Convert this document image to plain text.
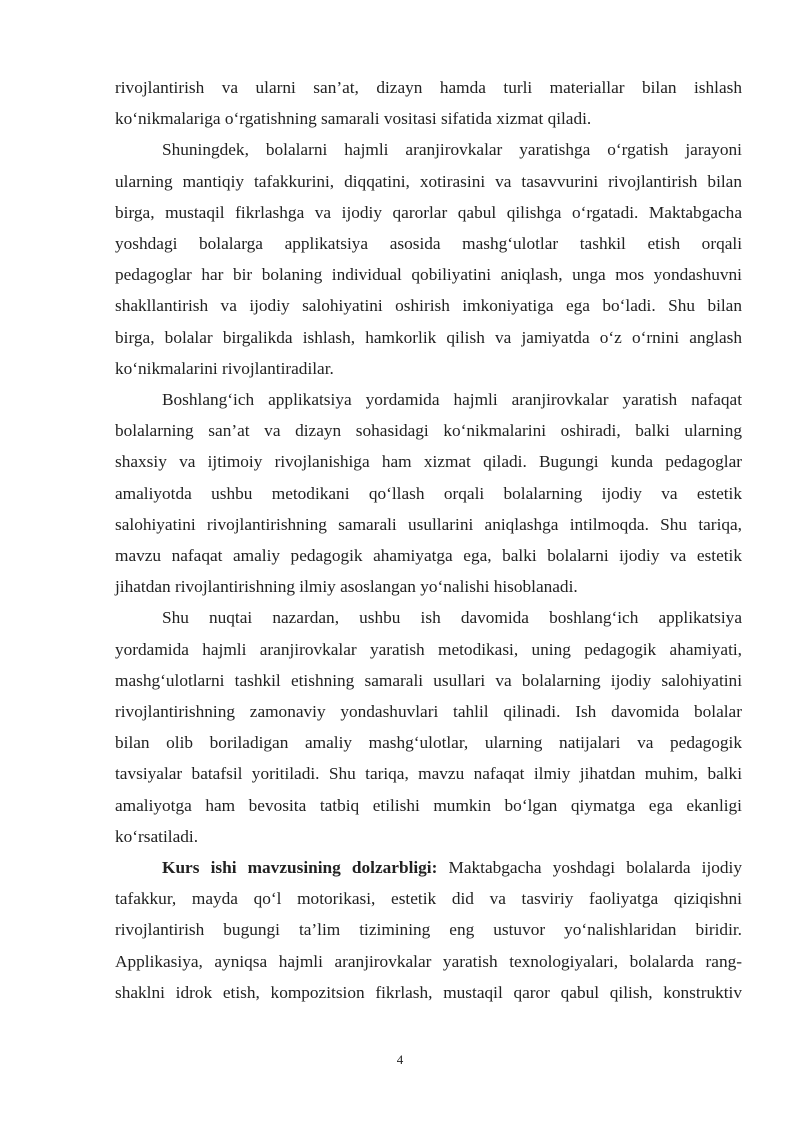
rivojlantirish va ularni san’at, dizayn hamda turli materiallar bilan ishlash

ko‘nikmalariga o‘rgatishning samarali vositasi sifatida xizmat qiladi.

Shuningdek, bolalarni hajmli aranjirovkalar yaratishga o‘rgatish jarayoni

ularning mantiqiy tafakkurini, diqqatini, xotirasini va tasavvurini rivojlantirish bilan

birga, mustaqil fikrlashga va ijodiy qarorlar qabul qilishga o‘rgatadi. Maktabgacha

yoshdagi bolalarga applikatsiya asosida mashg‘ulotlar tashkil etish orqali

pedagoglar har bir bolaning individual qobiliyatini aniqlash, unga mos yondashuvni

shakllantirish va ijodiy salohiyatini oshirish imkoniyatiga ega bo‘ladi. Shu bilan

birga, bolalar birgalikda ishlash, hamkorlik qilish va jamiyatda o‘z o‘rnini anglash

ko‘nikmalarini rivojlantiradilar.

Boshlang‘ich applikatsiya yordamida hajmli aranjirovkalar yaratish nafaqat

bolalarning san’at va dizayn sohasidagi ko‘nikmalarini oshiradi, balki ularning

shaxsiy va ijtimoiy rivojlanishiga ham xizmat qiladi. Bugungi kunda pedagoglar

amaliyotda ushbu metodikani qo‘llash orqali bolalarning ijodiy va estetik

salohiyatini rivojlantirishning samarali usullarini aniqlashga intilmoqda. Shu tariqa,

mavzu nafaqat amaliy pedagogik ahamiyatga ega, balki bolalarni ijodiy va estetik

jihatdan rivojlantirishning ilmiy asoslangan yo‘nalishi hisoblanadi.

Shu nuqtai nazardan, ushbu ish davomida boshlang‘ich applikatsiya

yordamida hajmli aranjirovkalar yaratish metodikasi, uning pedagogik ahamiyati,

mashg‘ulotlarni tashkil etishning samarali usullari va bolalarning ijodiy salohiyatini

rivojlantirishning zamonaviy yondashuvlari tahlil qilinadi. Ish davomida bolalar

bilan olib boriladigan amaliy mashg‘ulotlar, ularning natijalari va pedagogik

tavsiyalar batafsil yoritiladi. Shu tariqa, mavzu nafaqat ilmiy jihatdan muhim, balki

amaliyotga ham bevosita tatbiq etilishi mumkin bo‘lgan qiymatga ega ekanligi

ko‘rsatiladi.

Kurs ishi mavzusining dolzarbligi: Maktabgacha yoshdagi bolalarda ijodiy

tafakkur, mayda qo‘l motorikasi, estetik did va tasviriy faoliyatga qiziqishni

rivojlantirish bugungi ta’lim tizimining eng ustuvor yo‘nalishlaridan biridir.

Applikasiya, ayniqsa hajmli aranjirovkalar yaratish texnologiyalari, bolalarda rang-

shaklni idrok etish, kompozitsion fikrlash, mustaqil qaror qabul qilish, konstruktiv

4
